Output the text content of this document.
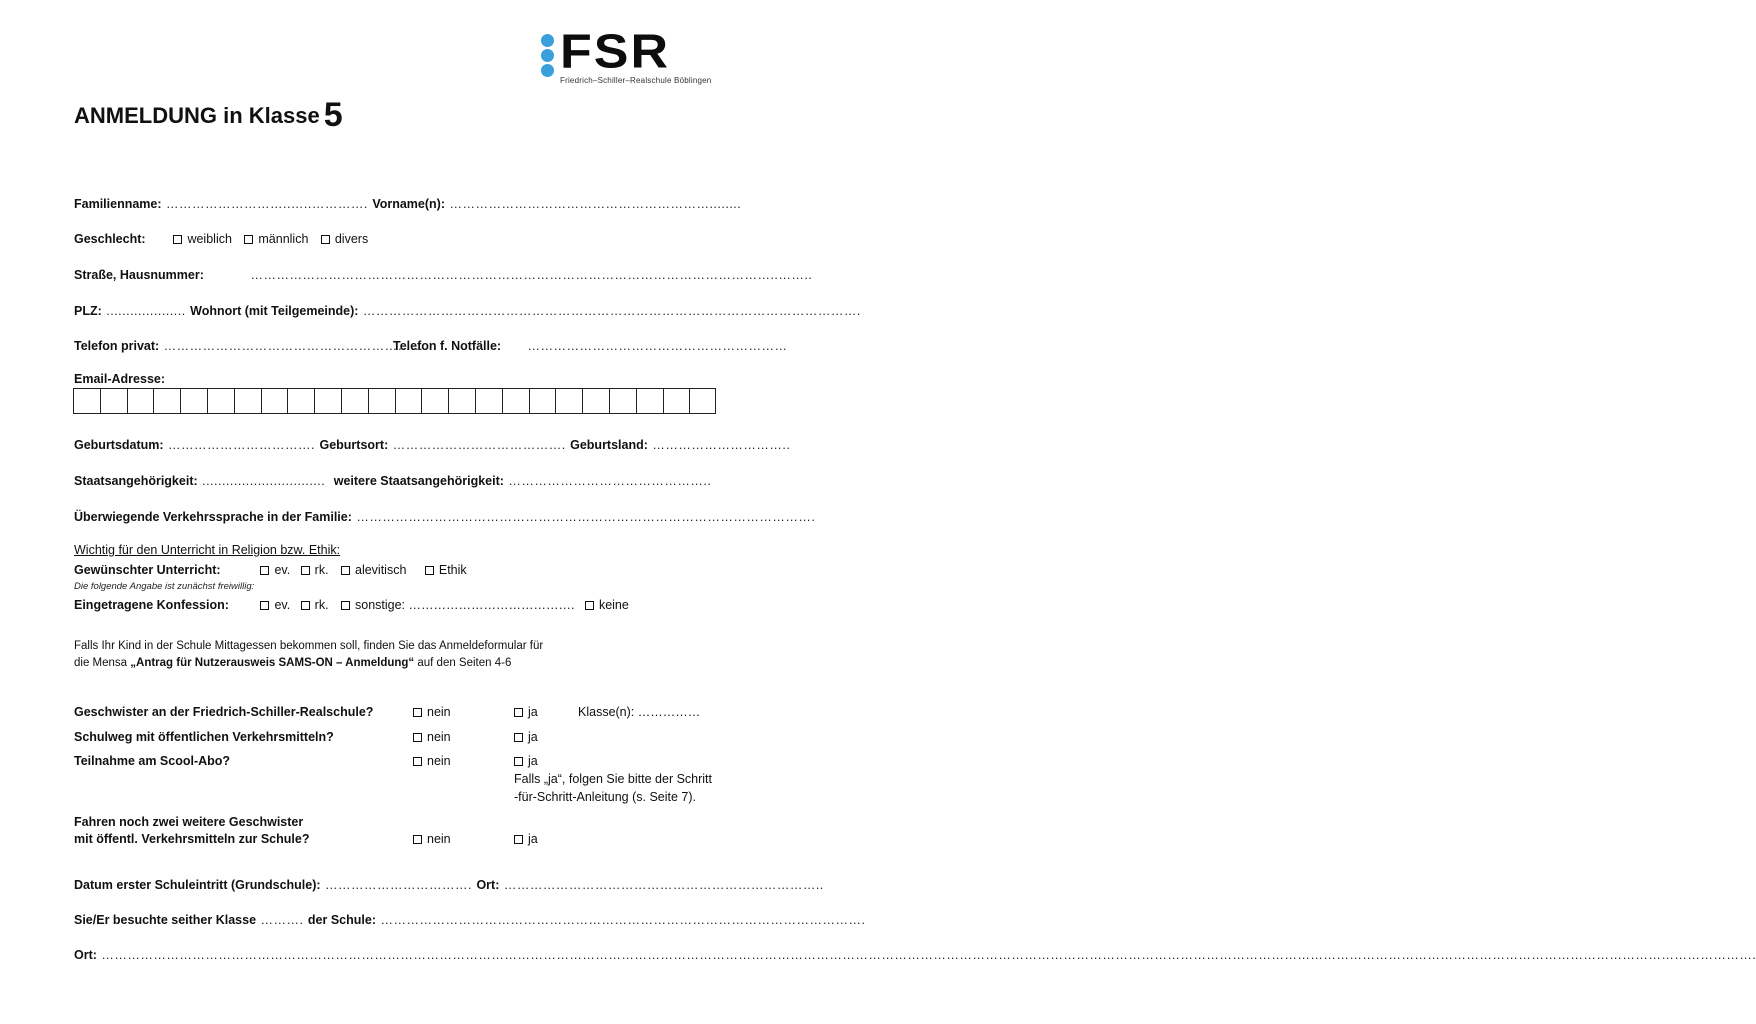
FSR
Friedrich–Schiller–Realschule Böblingen
ANMELDUNG in Klasse 5
Familienname: ………………………..…..…………. Vorname(n): ……………………………………………………........
Geschlecht:	weiblich männlich divers
Straße, Hausnummer:	…………………………………………………………………………………………………………..……..
PLZ: .................... Wohnort (mit Teilgemeinde): …………………………………………………………………………………………………….
Telefon privat: ……………………………………………………
Telefon f. Notfälle: ……………………………………………………
Email-Adresse:
Geburtsdatum: ……………………………. Geburtsort: …………………………………. Geburtsland: …………………………..
Staatsangehörigkeit: ............................... weitere Staatsangehörigkeit: ………………………………………..
Überwiegende Verkehrssprache in der Familie: …………………………………………………………………………………………….
Wichtig für den Unterricht in Religion bzw. Ethik:
Gewünschter Unterricht:	ev. rk. alevitisch	Ethik
Die folgende Angabe ist zunächst freiwillig:
Eingetragene Konfession:	ev. rk. sonstige: …………………………………. keine
Falls Ihr Kind in der Schule Mittagessen bekommen soll, finden Sie das Anmeldeformular für
die Mensa „Antrag für Nutzerausweis SAMS-ON – Anmeldung“ auf den Seiten 4-6
Geschwister an der Friedrich-Schiller-Realschule?	nein	ja	Klasse(n): ……………
Schulweg mit öffentlichen Verkehrsmitteln?	nein	ja
Teilnahme am Scool-Abo?	nein	ja
Falls „ja“, folgen Sie bitte der Schritt
-für-Schritt-Anleitung (s. Seite 7).
Fahren noch zwei weitere Geschwister
mit öffentl. Verkehrsmitteln zur Schule?	nein	ja
Datum erster Schuleintritt (Grundschule): ……………………………. Ort: ………………………………………………………………..
Sie/Er besuchte seither Klasse ………. der Schule: ………………………………………………………………………………………………….
Ort: ………………………………………………………………………………………………………………………………………………………………………………………………………………………………………………………………………………………………………………………………………………….
